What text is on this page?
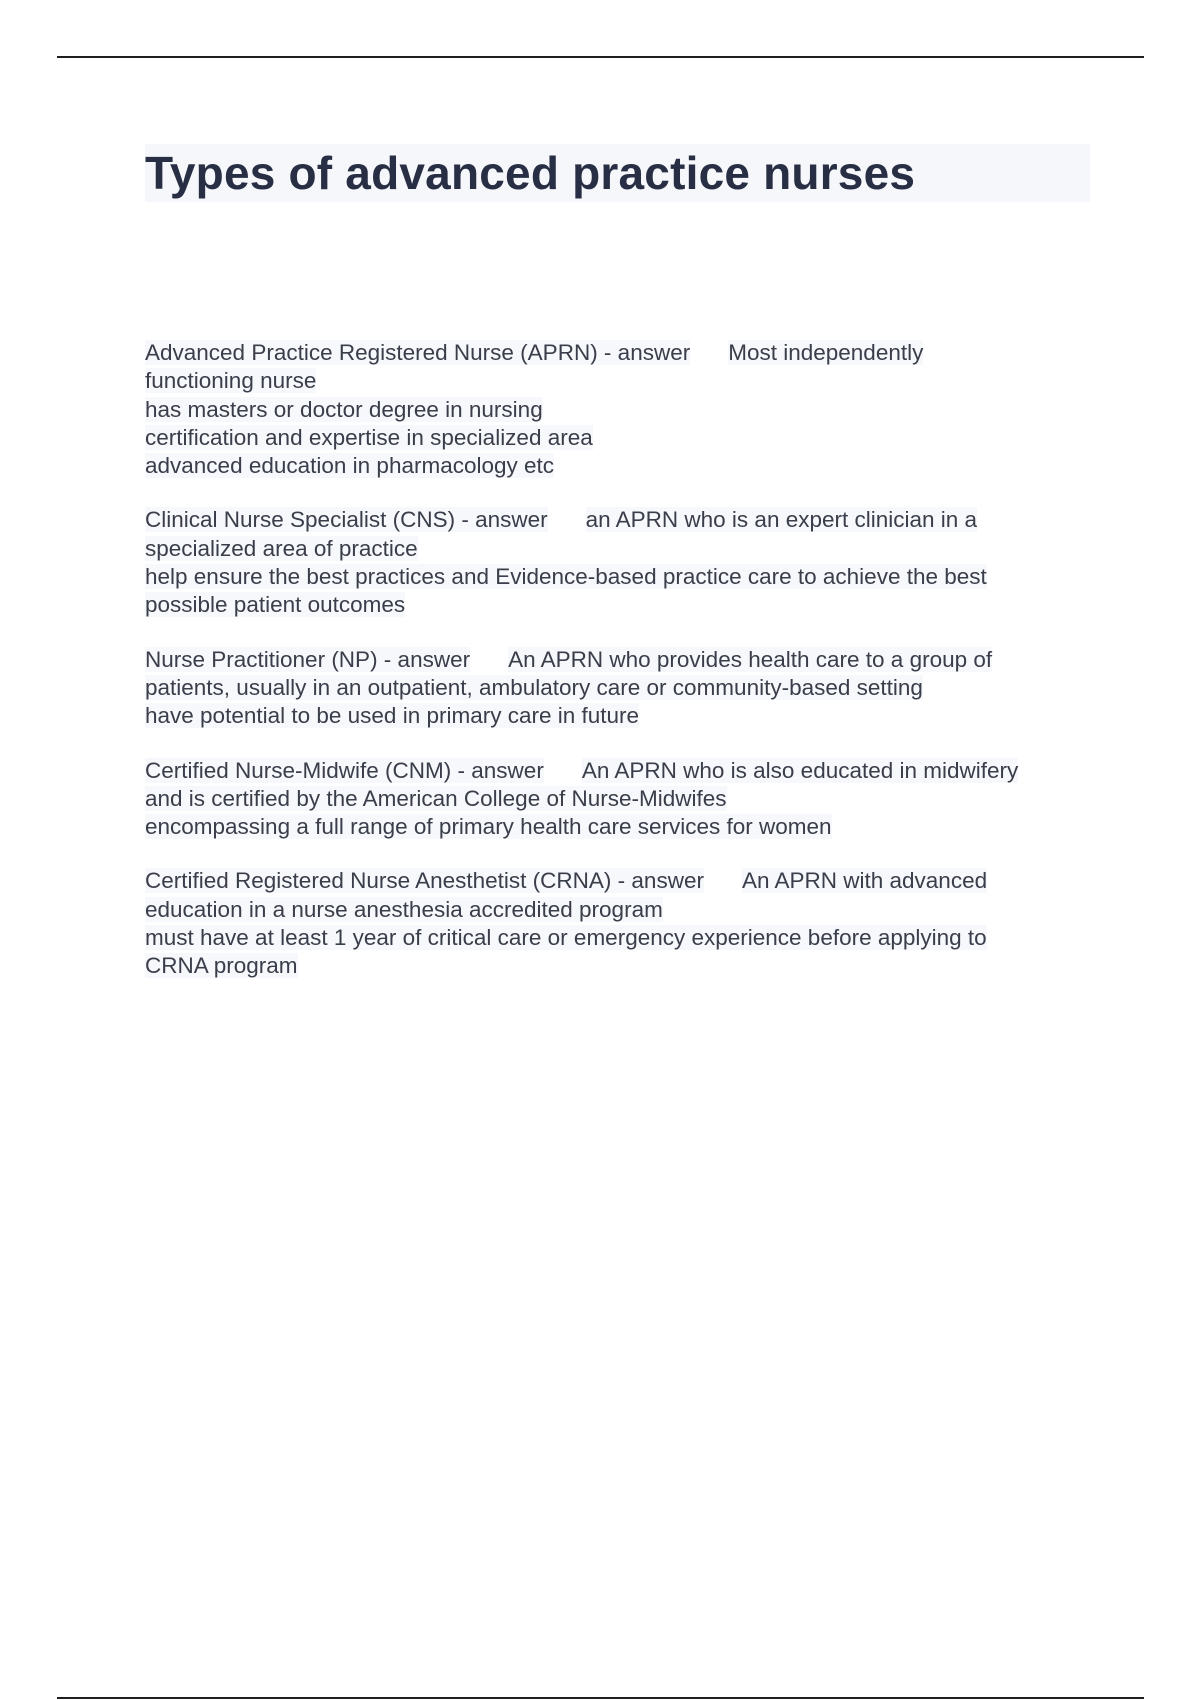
Types of advanced practice nurses
Advanced Practice Registered Nurse (APRN) - answer Most independently
functioning nurse
has masters or doctor degree in nursing
certification and expertise in specialized area
advanced education in pharmacology etc
Clinical Nurse Specialist (CNS) - answer an APRN who is an expert clinician in a
specialized area of practice
help ensure the best practices and Evidence-based practice care to achieve the best
possible patient outcomes
Nurse Practitioner (NP) - answer An APRN who provides health care to a group of
patients, usually in an outpatient, ambulatory care or community-based setting
have potential to be used in primary care in future
Certified Nurse-Midwife (CNM) - answer An APRN who is also educated in midwifery
and is certified by the American College of Nurse-Midwifes
encompassing a full range of primary health care services for women
Certified Registered Nurse Anesthetist (CRNA) - answer An APRN with advanced
education in a nurse anesthesia accredited program
must have at least 1 year of critical care or emergency experience before applying to
CRNA program
